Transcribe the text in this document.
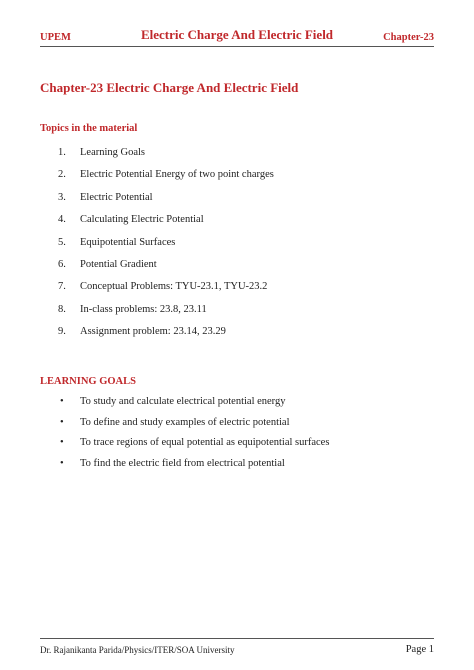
UPEM	Electric Charge And Electric Field	Chapter-23
Chapter-23 Electric Charge And Electric Field
Topics in the material
1. Learning Goals
2. Electric Potential Energy of two point charges
3. Electric Potential
4. Calculating Electric Potential
5. Equipotential Surfaces
6. Potential Gradient
7. Conceptual Problems: TYU-23.1, TYU-23.2
8. In-class problems: 23.8, 23.11
9. Assignment problem: 23.14, 23.29
LEARNING GOALS
• To study and calculate electrical potential energy
• To define and study examples of electric potential
• To trace regions of equal potential as equipotential surfaces
• To find the electric field from electrical potential
Dr. Rajanikanta Parida/Physics/ITER/SOA University	Page 1
